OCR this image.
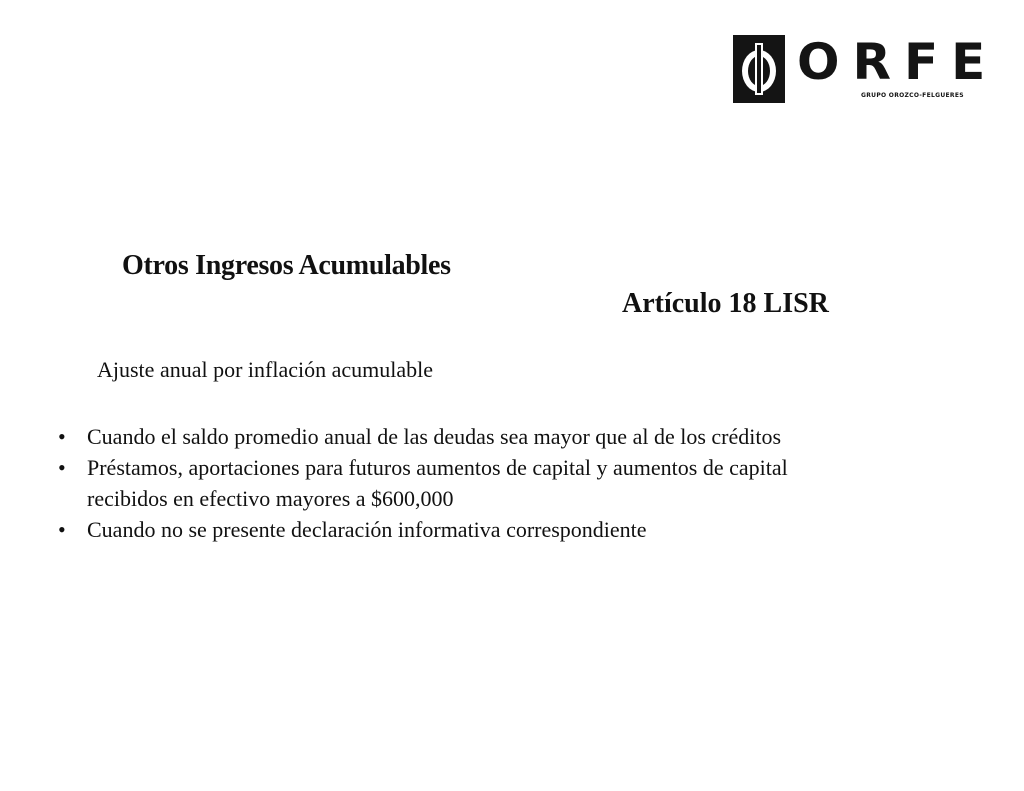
ORFE
GRUPO OROZCO-FELGUERES
Otros Ingresos Acumulables
Artículo 18 LISR
Ajuste anual por inflación acumulable
• Cuando el saldo promedio anual de las deudas sea mayor que al de los créditos
• Préstamos, aportaciones para futuros aumentos de capital y aumentos de capital
recibidos en efectivo mayores a $600,000
• Cuando no se presente declaración informativa correspondiente
